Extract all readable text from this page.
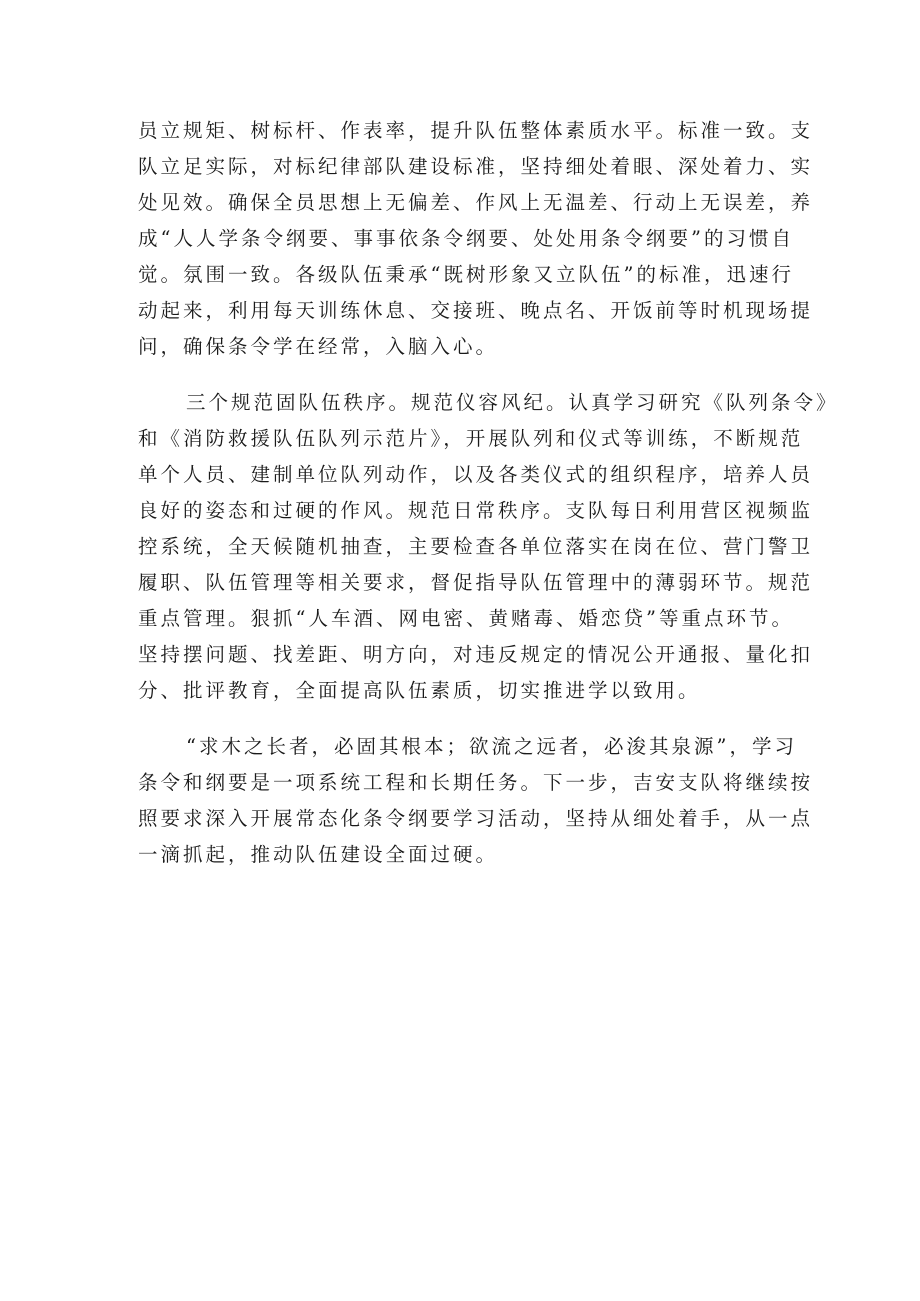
员立规矩、树标杆、作表率，提升队伍整体素质水平。标准一致。支
队立足实际，对标纪律部队建设标准，坚持细处着眼、深处着力、实
处见效。确保全员思想上无偏差、作风上无温差、行动上无误差，养
成“人人学条令纲要、事事依条令纲要、处处用条令纲要”的习惯自
觉。氛围一致。各级队伍秉承“既树形象又立队伍”的标准，迅速行
动起来，利用每天训练休息、交接班、晚点名、开饭前等时机现场提
问，确保条令学在经常，入脑入心。
三个规范固队伍秩序。规范仪容风纪。认真学习研究《队列条令》
和《消防救援队伍队列示范片》，开展队列和仪式等训练，不断规范
单个人员、建制单位队列动作，以及各类仪式的组织程序，培养人员
良好的姿态和过硬的作风。规范日常秩序。支队每日利用营区视频监
控系统，全天候随机抽查，主要检查各单位落实在岗在位、营门警卫
履职、队伍管理等相关要求，督促指导队伍管理中的薄弱环节。规范
重点管理。狠抓“人车酒、网电密、黄赌毒、婚恋贷”等重点环节。
坚持摆问题、找差距、明方向，对违反规定的情况公开通报、量化扣
分、批评教育，全面提高队伍素质，切实推进学以致用。
“求木之长者，必固其根本；欲流之远者，必浚其泉源”，学习
条令和纲要是一项系统工程和长期任务。下一步，吉安支队将继续按
照要求深入开展常态化条令纲要学习活动，坚持从细处着手，从一点
一滴抓起，推动队伍建设全面过硬。
